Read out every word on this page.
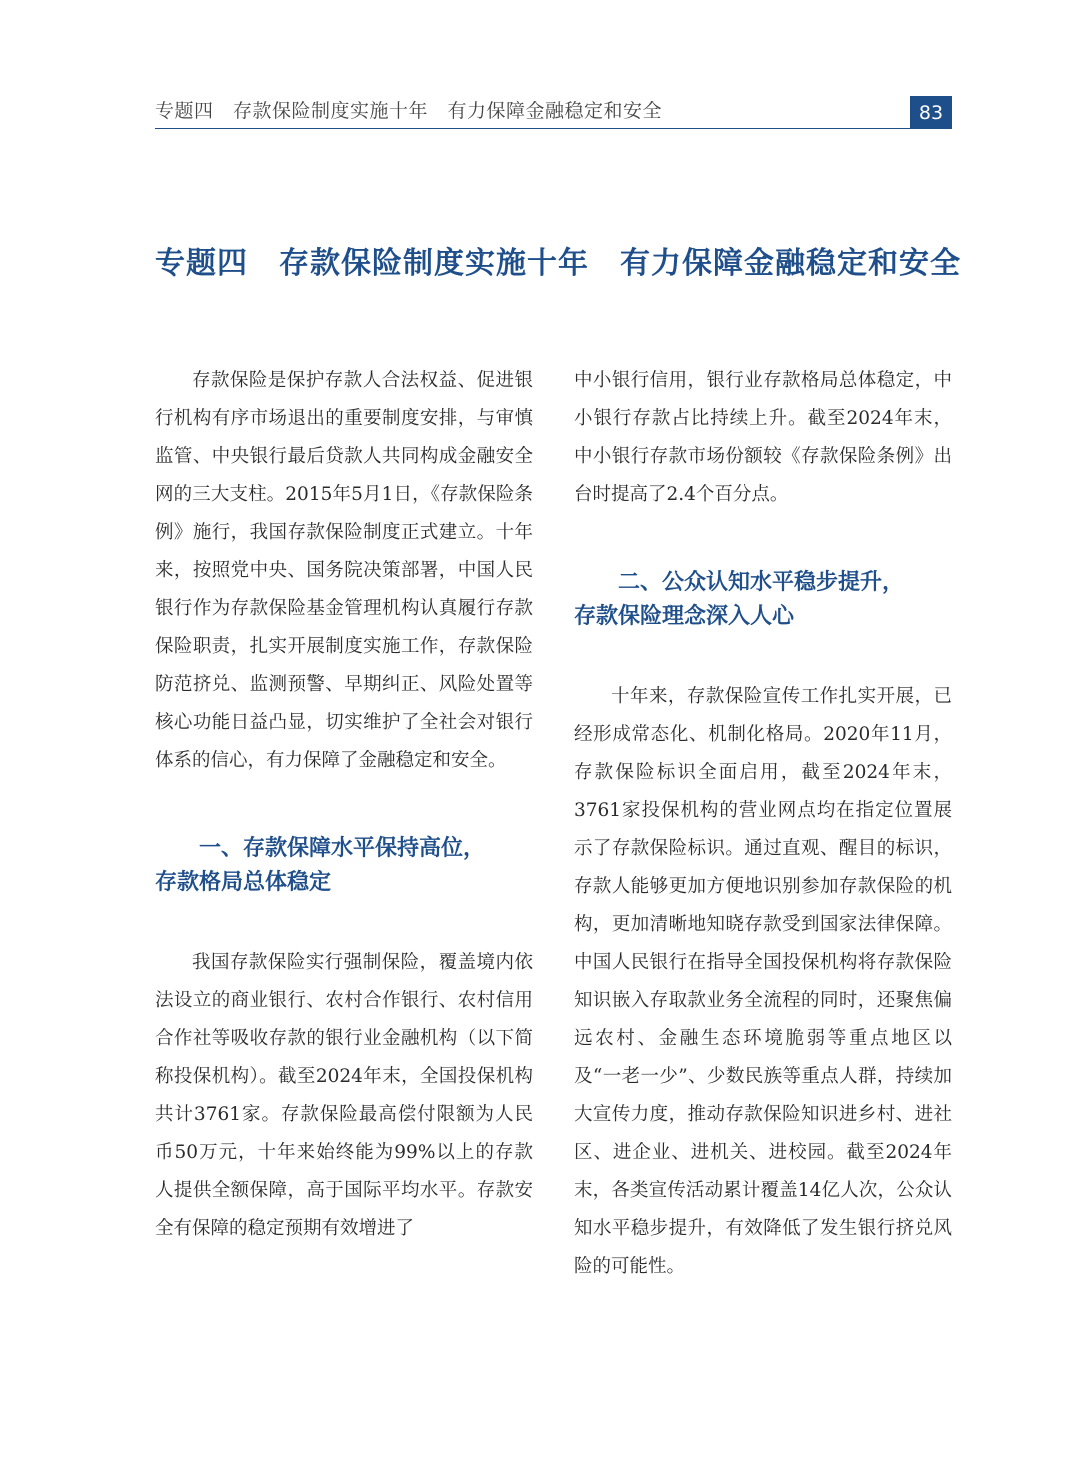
专题四　存款保险制度实施十年　有力保障金融稳定和安全	83
专题四　存款保险制度实施十年　有力保障金融稳定和安全

存款保险是保护存款人合法权益、促进银行机构有序市场退出的重要制度安排，与审慎监管、中央银行最后贷款人共同构成金融安全网的三大支柱。2015年5月1日，《存款保险条例》施行，我国存款保险制度正式建立。十年来，按照党中央、国务院决策部署，中国人民银行作为存款保险基金管理机构认真履行存款保险职责，扎实开展制度实施工作，存款保险防范挤兑、监测预警、早期纠正、风险处置等核心功能日益凸显，切实维护了全社会对银行体系的信心，有力保障了金融稳定和安全。

一、存款保障水平保持高位，
存款格局总体稳定

我国存款保险实行强制保险，覆盖境内依法设立的商业银行、农村合作银行、农村信用合作社等吸收存款的银行业金融机构（以下简称投保机构）。截至2024年末，全国投保机构共计3761家。存款保险最高偿付限额为人民币50万元，十年来始终能为99%以上的存款人提供全额保障，高于国际平均水平。存款安全有保障的稳定预期有效增进了

中小银行信用，银行业存款格局总体稳定，中小银行存款占比持续上升。截至2024年末，中小银行存款市场份额较《存款保险条例》出台时提高了2.4个百分点。

二、公众认知水平稳步提升，
存款保险理念深入人心

十年来，存款保险宣传工作扎实开展，已经形成常态化、机制化格局。2020年11月，存款保险标识全面启用，截至2024年末，3761家投保机构的营业网点均在指定位置展示了存款保险标识。通过直观、醒目的标识，存款人能够更加方便地识别参加存款保险的机构，更加清晰地知晓存款受到国家法律保障。中国人民银行在指导全国投保机构将存款保险知识嵌入存取款业务全流程的同时，还聚焦偏远农村、金融生态环境脆弱等重点地区以及“一老一少”、少数民族等重点人群，持续加大宣传力度，推动存款保险知识进乡村、进社区、进企业、进机关、进校园。截至2024年末，各类宣传活动累计覆盖14亿人次，公众认知水平稳步提升，有效降低了发生银行挤兑风险的可能性。
